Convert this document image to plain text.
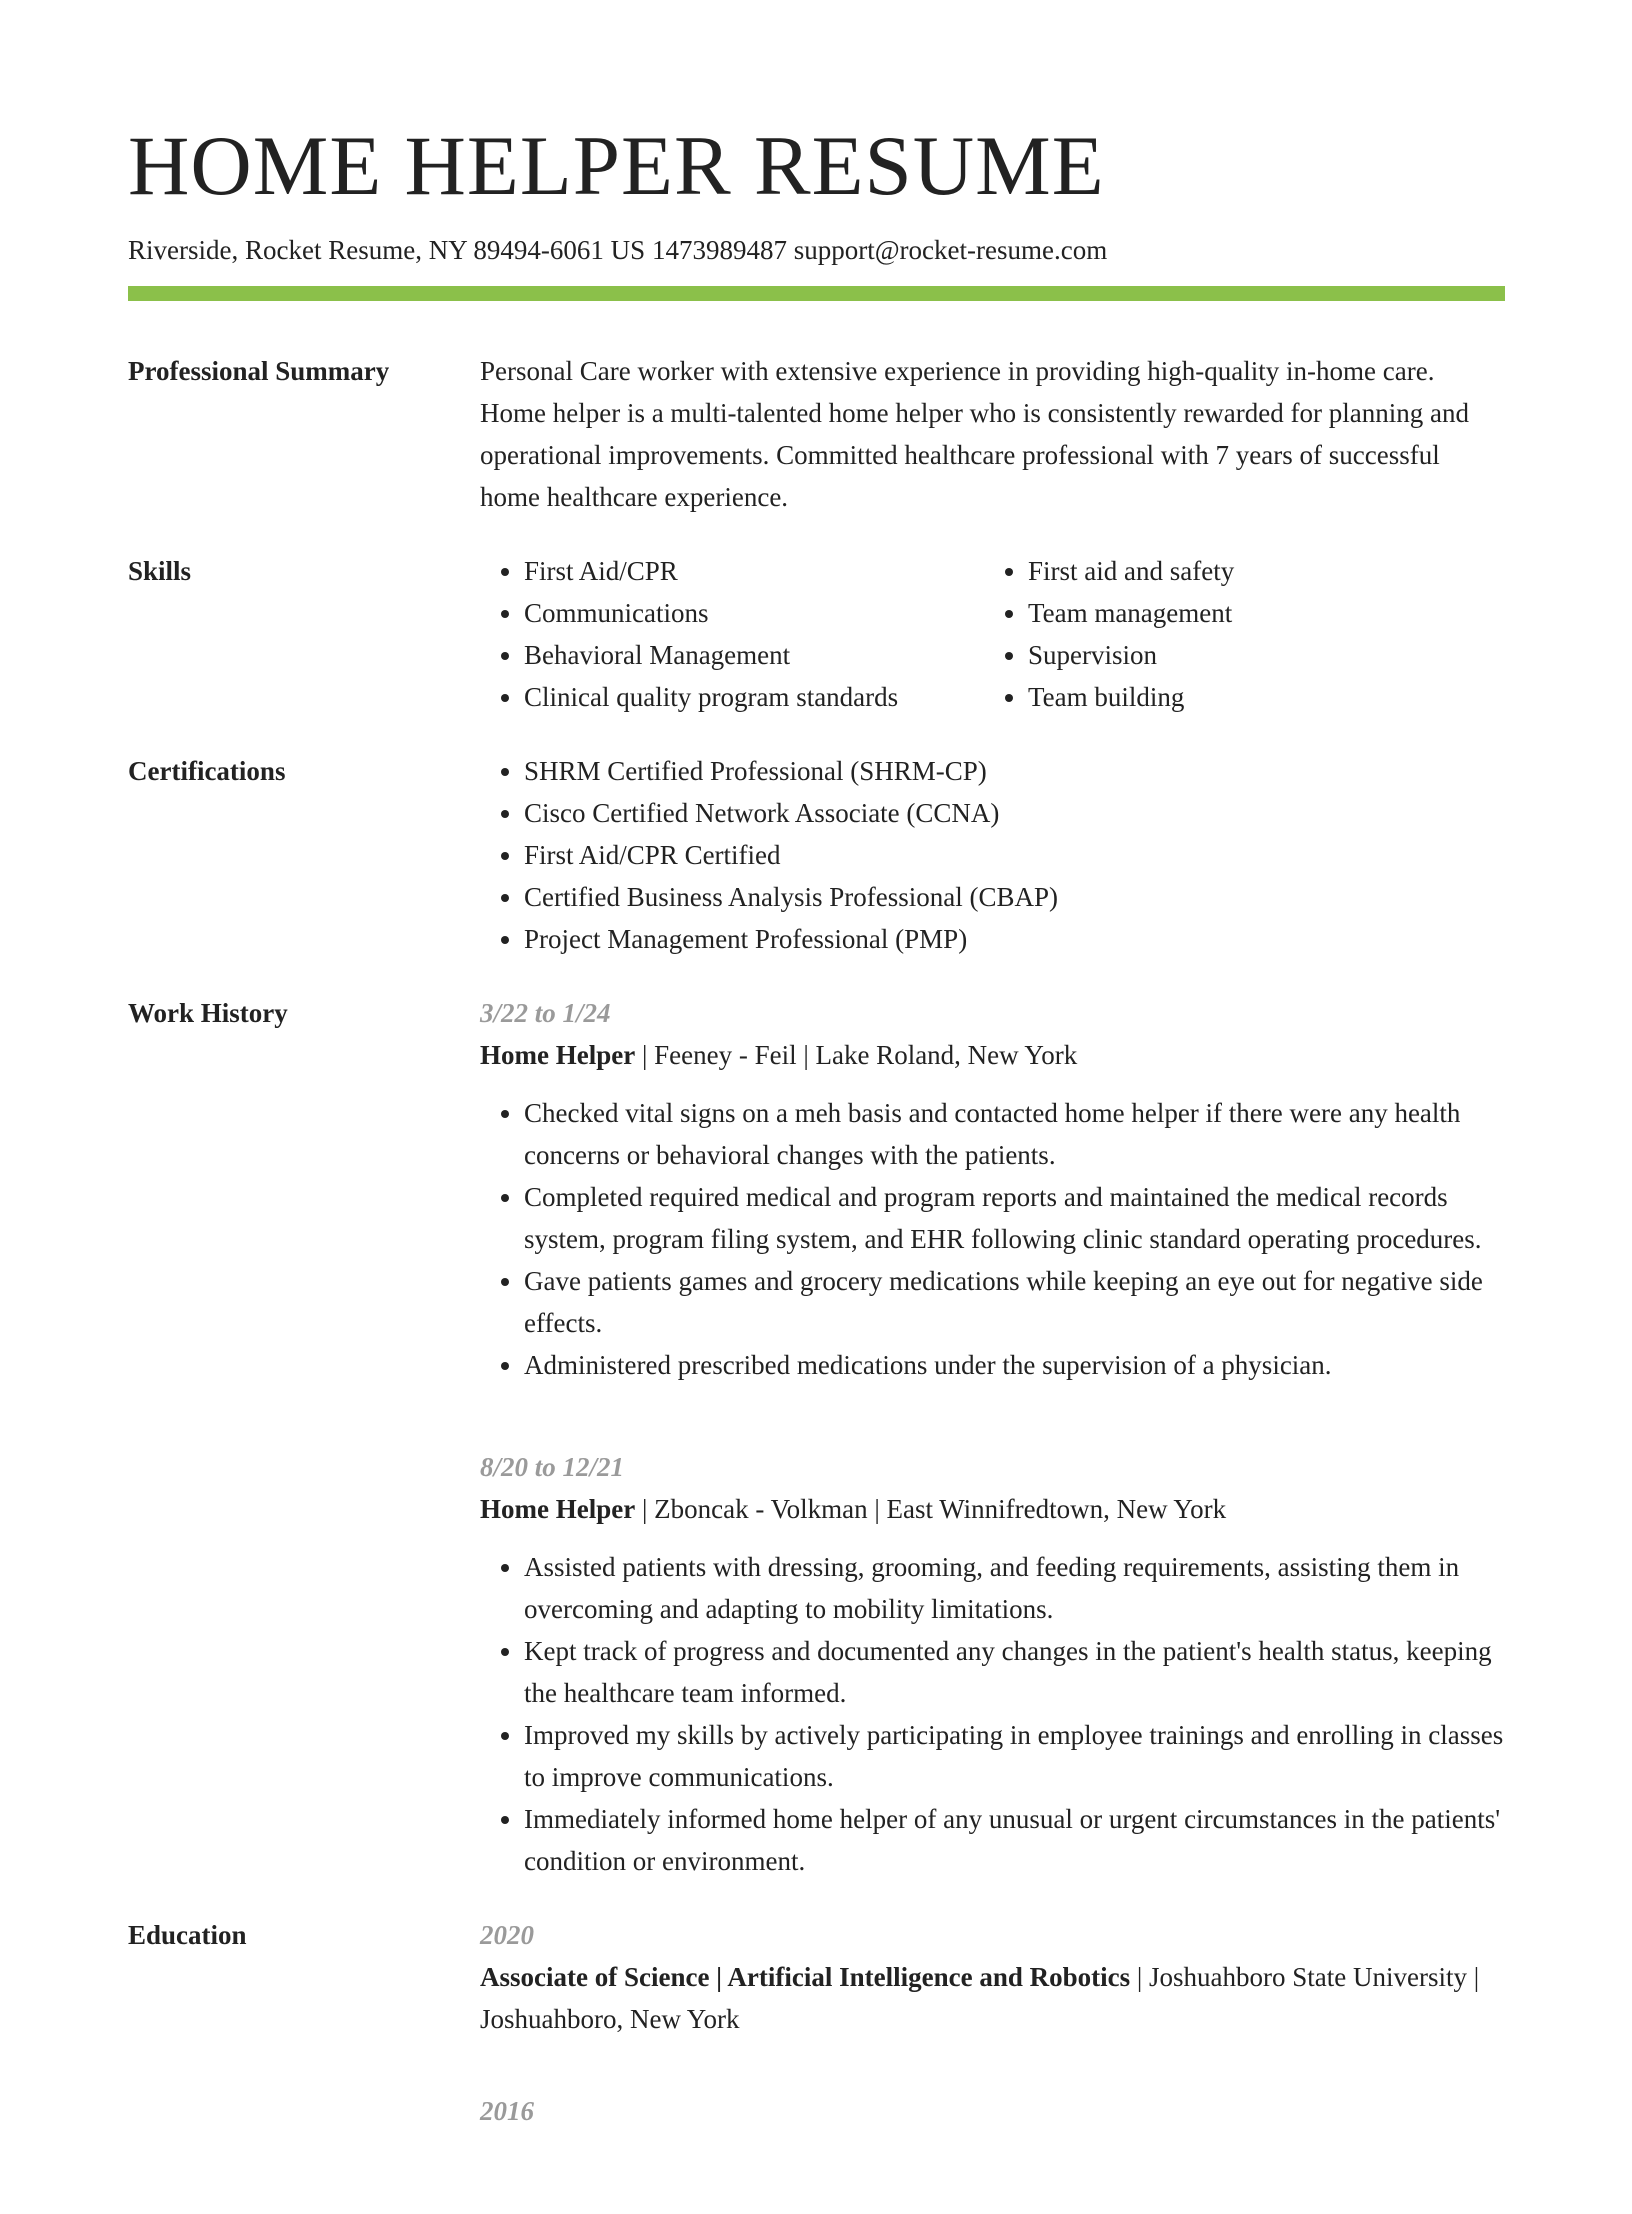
HOME HELPER RESUME
Riverside, Rocket Resume, NY 89494-6061 US 1473989487 support@rocket-resume.com
Professional Summary	Personal Care worker with extensive experience in providing high-quality in-home care. Home helper is a multi-talented home helper who is consistently rewarded for planning and operational improvements. Committed healthcare professional with 7 years of successful home healthcare experience.

Skills	• First Aid/CPR
• Communications
• Behavioral Management
• Clinical quality program standards
• First aid and safety
• Team management
• Supervision
• Team building
Certifications	• SHRM Certified Professional (SHRM-CP)
• Cisco Certified Network Associate (CCNA)
• First Aid/CPR Certified
• Certified Business Analysis Professional (CBAP)
• Project Management Professional (PMP)
Work History	3/22 to 1/24
Home Helper | Feeney - Feil | Lake Roland, New York
• Checked vital signs on a meh basis and contacted home helper if there were any health concerns or behavioral changes with the patients.
• Completed required medical and program reports and maintained the medical records system, program filing system, and EHR following clinic standard operating procedures.
• Gave patients games and grocery medications while keeping an eye out for negative side effects.
• Administered prescribed medications under the supervision of a physician.
8/20 to 12/21
Home Helper | Zboncak - Volkman | East Winnifredtown, New York
• Assisted patients with dressing, grooming, and feeding requirements, assisting them in overcoming and adapting to mobility limitations.
• Kept track of progress and documented any changes in the patient's health status, keeping the healthcare team informed.
• Improved my skills by actively participating in employee trainings and enrolling in classes to improve communications.
• Immediately informed home helper of any unusual or urgent circumstances in the patients' condition or environment.
Education	2020
Associate of Science | Artificial Intelligence and Robotics | Joshuahboro State University | Joshuahboro, New York
2016
